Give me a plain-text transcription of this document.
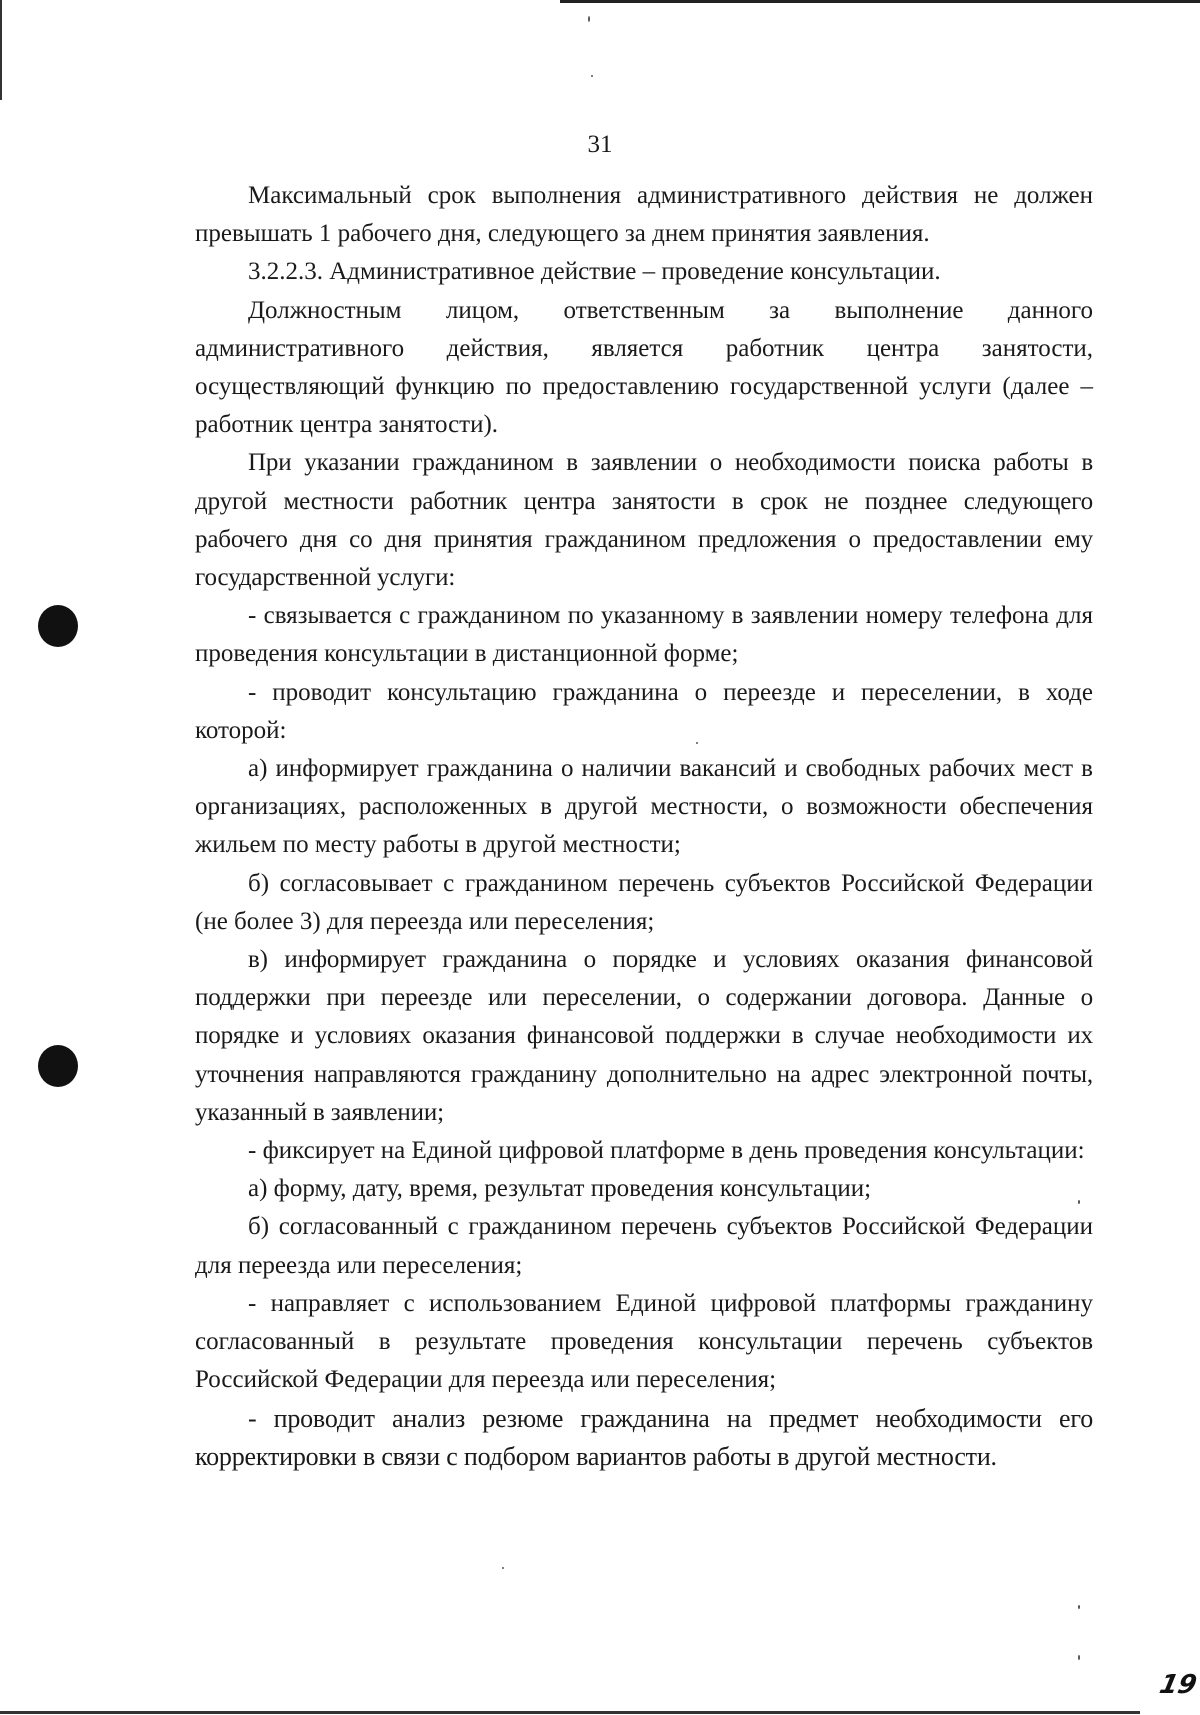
31

Максимальный срок выполнения административного действия не должен превышать 1 рабочего дня, следующего за днем принятия заявления.

3.2.2.3. Административное действие – проведение консультации.

Должностным лицом, ответственным за выполнение данного административного действия, является работник центра занятости, осуществляющий функцию по предоставлению государственной услуги (далее – работник центра занятости).

При указании гражданином в заявлении о необходимости поиска работы в другой местности работник центра занятости в срок не позднее следующего рабочего дня со дня принятия гражданином предложения о предоставлении ему государственной услуги:

- связывается с гражданином по указанному в заявлении номеру телефона для проведения консультации в дистанционной форме;

- проводит консультацию гражданина о переезде и переселении, в ходе которой:

а) информирует гражданина о наличии вакансий и свободных рабочих мест в организациях, расположенных в другой местности, о возможности обеспечения жильем по месту работы в другой местности;

б) согласовывает с гражданином перечень субъектов Российской Федерации (не более 3) для переезда или переселения;

в) информирует гражданина о порядке и условиях оказания финансовой поддержки при переезде или переселении, о содержании договора. Данные о порядке и условиях оказания финансовой поддержки в случае необходимости их уточнения направляются гражданину дополнительно на адрес электронной почты, указанный в заявлении;

- фиксирует на Единой цифровой платформе в день проведения консультации:

а) форму, дату, время, результат проведения консультации;

б) согласованный с гражданином перечень субъектов Российской Федерации для переезда или переселения;

- направляет с использованием Единой цифровой платформы гражданину согласованный в результате проведения консультации перечень субъектов Российской Федерации для переезда или переселения;

- проводит анализ резюме гражданина на предмет необходимости его корректировки в связи с подбором вариантов работы в другой местности.

19
